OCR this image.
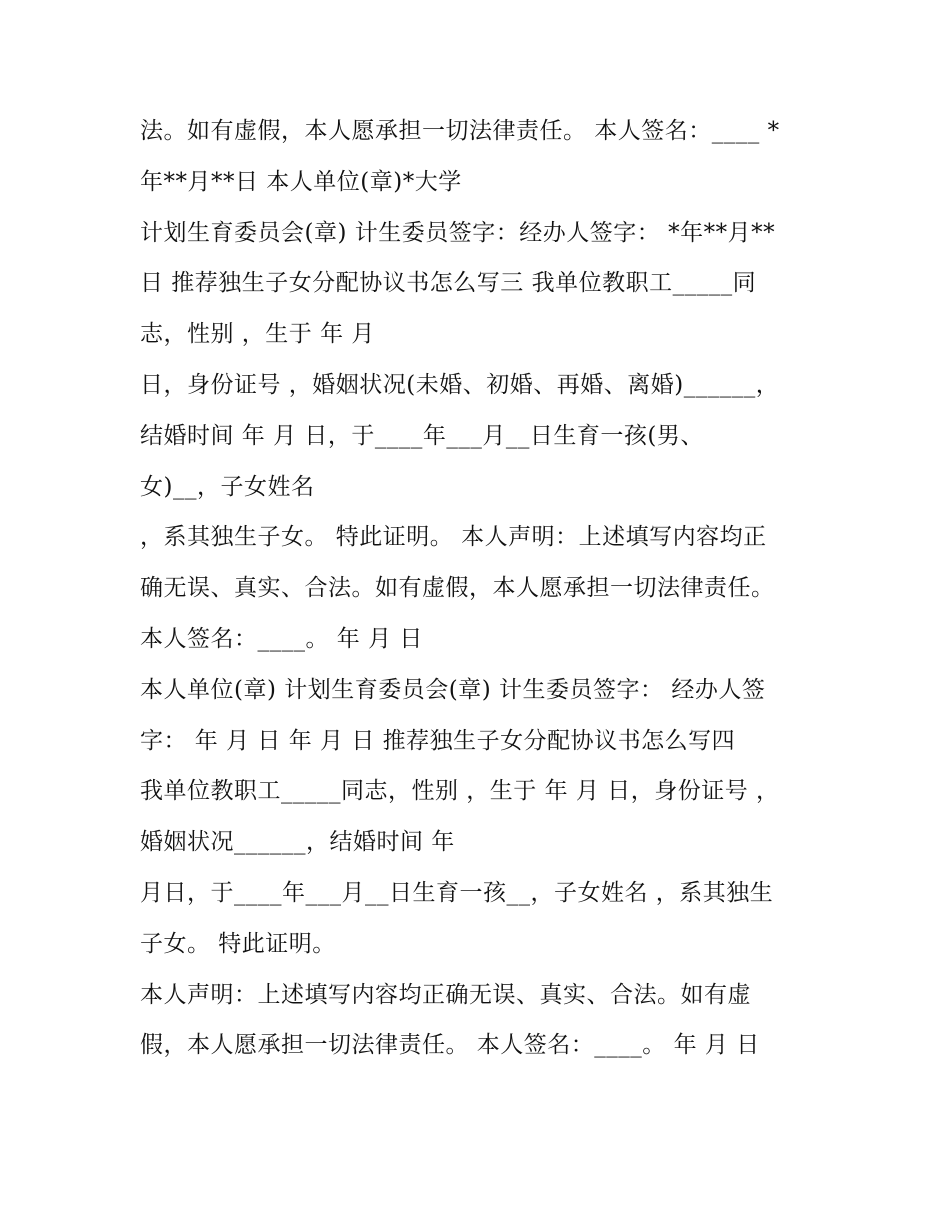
法。如有虚假，本人愿承担一切法律责任。 本人签名：____ *
年**月**日 本人单位(章)*大学
计划生育委员会(章) 计生委员签字：经办人签字： *年**月**
日 推荐独生子女分配协议书怎么写三 我单位教职工_____同
志，性别 ，生于 年 月
日，身份证号 ，婚姻状况(未婚、初婚、再婚、离婚)______，
结婚时间 年 月 日，于____年___月__日生育一孩(男、
女)__，子女姓名
，系其独生子女。 特此证明。 本人声明：上述填写内容均正
确无误、真实、合法。如有虚假，本人愿承担一切法律责任。
本人签名：____。 年 月 日
本人单位(章) 计划生育委员会(章) 计生委员签字： 经办人签
字： 年 月 日 年 月 日 推荐独生子女分配协议书怎么写四
我单位教职工_____同志，性别 ，生于 年 月 日，身份证号 ，
婚姻状况______，结婚时间 年
月日，于____年___月__日生育一孩__，子女姓名 ，系其独生
子女。 特此证明。
本人声明：上述填写内容均正确无误、真实、合法。如有虚
假，本人愿承担一切法律责任。 本人签名：____。 年 月 日
